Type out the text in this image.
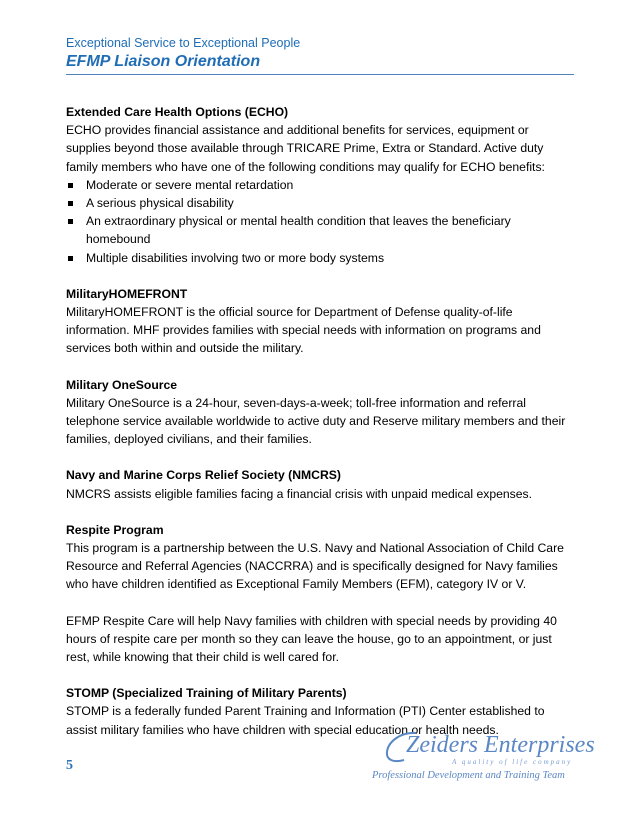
Exceptional Service to Exceptional People
EFMP Liaison Orientation
Extended Care Health Options (ECHO)

ECHO provides financial assistance and additional benefits for services, equipment or supplies beyond those available through TRICARE Prime, Extra or Standard. Active duty family members who have one of the following conditions may qualify for ECHO benefits:

Moderate or severe mental retardation
A serious physical disability
An extraordinary physical or mental health condition that leaves the beneficiary homebound
Multiple disabilities involving two or more body systems
MilitaryHOMEFRONT

MilitaryHOMEFRONT is the official source for Department of Defense quality-of-life information. MHF provides families with special needs with information on programs and services both within and outside the military.

Military OneSource

Military OneSource is a 24-hour, seven-days-a-week; toll-free information and referral telephone service available worldwide to active duty and Reserve military members and their families, deployed civilians, and their families.

Navy and Marine Corps Relief Society (NMCRS)

NMCRS assists eligible families facing a financial crisis with unpaid medical expenses.

Respite Program

This program is a partnership between the U.S. Navy and National Association of Child Care Resource and Referral Agencies (NACCRRA) and is specifically designed for Navy families who have children identified as Exceptional Family Members (EFM), category IV or V.

EFMP Respite Care will help Navy families with children with special needs by providing 40 hours of respite care per month so they can leave the house, go to an appointment, or just rest, while knowing that their child is well cared for.

STOMP (Specialized Training of Military Parents)

STOMP is a federally funded Parent Training and Information (PTI) Center established to assist military families who have children with special education or health needs.

5
Zeiders Enterprises
A quality of life company
Professional Development and Training Team
